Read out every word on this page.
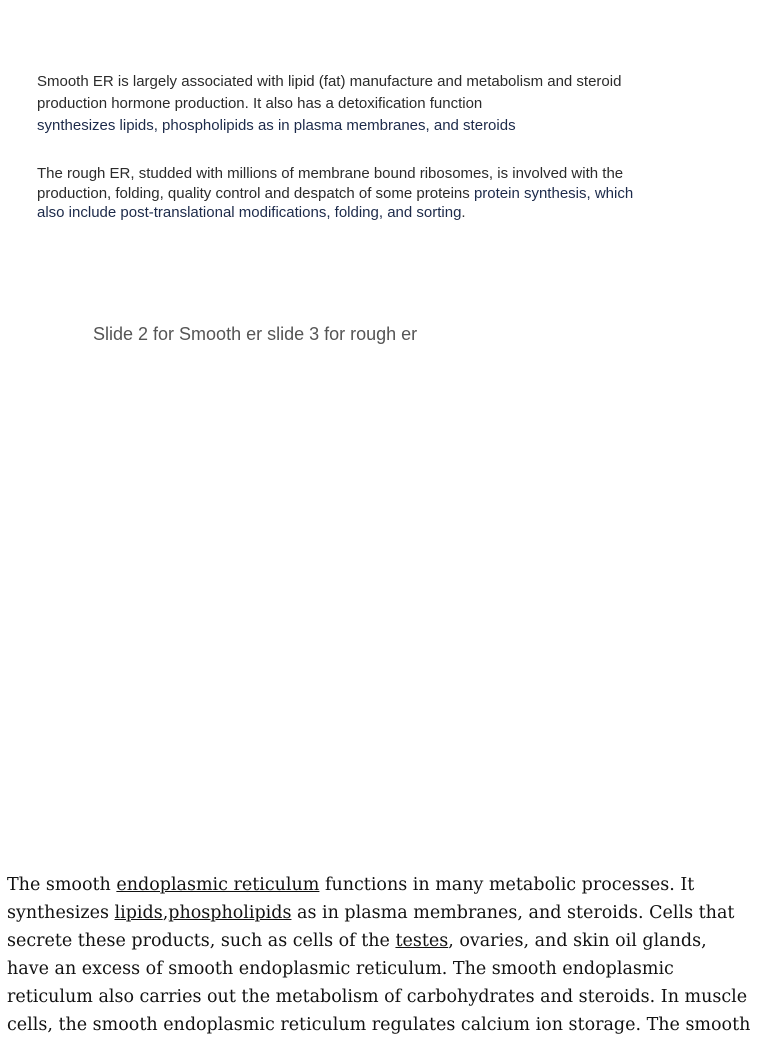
Smooth ER is largely associated with lipid (fat) manufacture and metabolism and steroid production hormone production. It also has a detoxification function
synthesizes lipids, phospholipids as in plasma membranes, and steroids

The rough ER, studded with millions of membrane bound ribosomes, is involved with the production, folding, quality control and despatch of some proteins protein synthesis, which also include post-translational modifications, folding, and sorting.

Slide 2 for Smooth er slide 3 for rough er

The smooth endoplasmic reticulum functions in many metabolic processes. It synthesizes lipids,phospholipids as in plasma membranes, and steroids. Cells that secrete these products, such as cells of the testes, ovaries, and skin oil glands, have an excess of smooth endoplasmic reticulum. The smooth endoplasmic reticulum also carries out the metabolism of carbohydrates and steroids. In muscle cells, the smooth endoplasmic reticulum regulates calcium ion storage. The smooth
